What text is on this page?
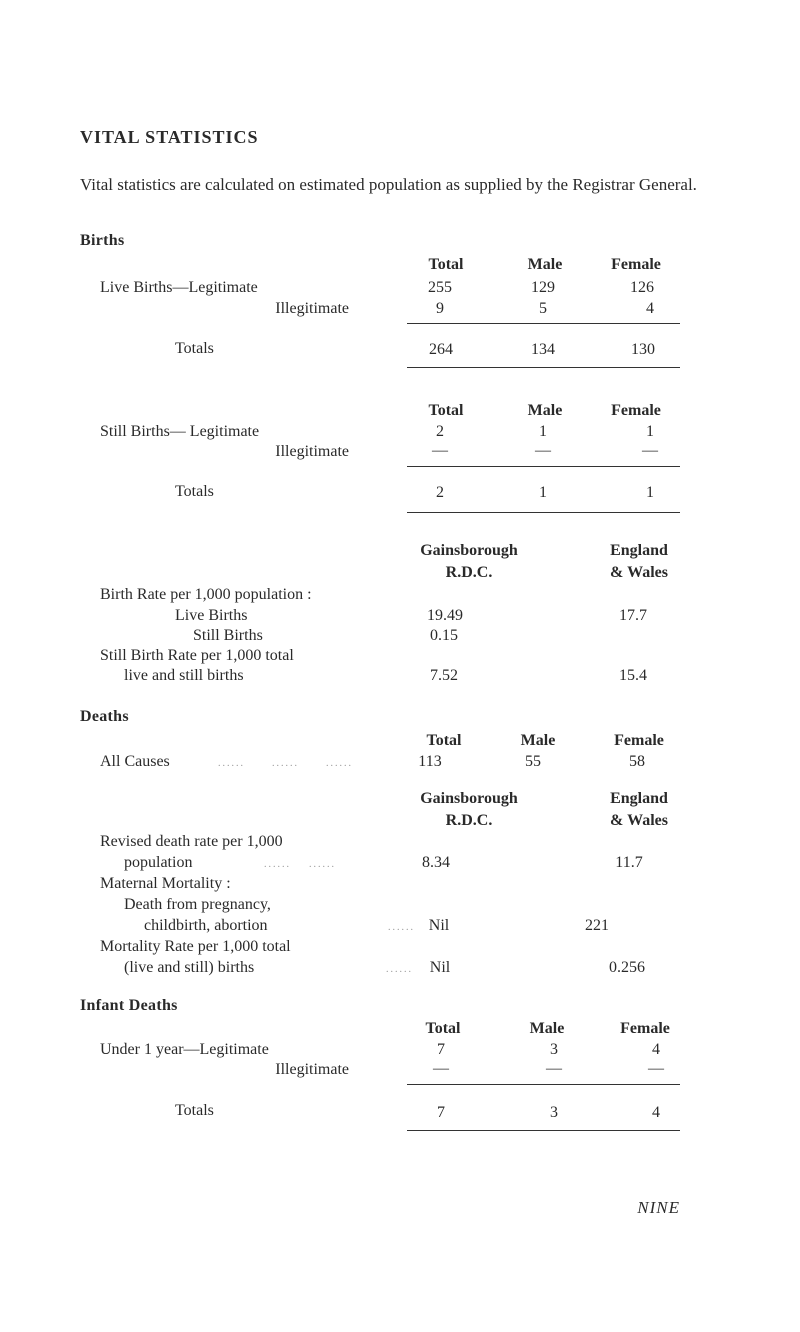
VITAL STATISTICS
Vital statistics are calculated on estimated population as supplied by the Registrar General.
Births
Total	Male	Female
Live Births—Legitimate	255	129	126
Illegitimate	9	5	4
Totals	264	134	130
Total	Male	Female
Still Births— Legitimate	2	1	1
Illegitimate	—	—	—
Totals	2	1	1
Gainsborough
R.D.C.
England
& Wales
Birth Rate per 1,000 population :
Live Births	19.49	17.7
Still Births	0.15
Still Birth Rate per 1,000 total
live and still births	7.52	15.4
Deaths
Total	Male	Female
All Causes	......      ......      ......	113	55	58
Gainsborough
R.D.C.
England
& Wales
Revised death rate per 1,000
population	......    ......	8.34	11.7
Maternal Mortality :
Death from pregnancy,
childbirth, abortion	...... Nil	221
Mortality Rate per 1,000 total
(live and still) births	...... Nil	0.256
Infant Deaths
Total	Male	Female
Under 1 year—Legitimate	7	3	4
Illegitimate	—	—	—
Totals	7	3	4
NINE
